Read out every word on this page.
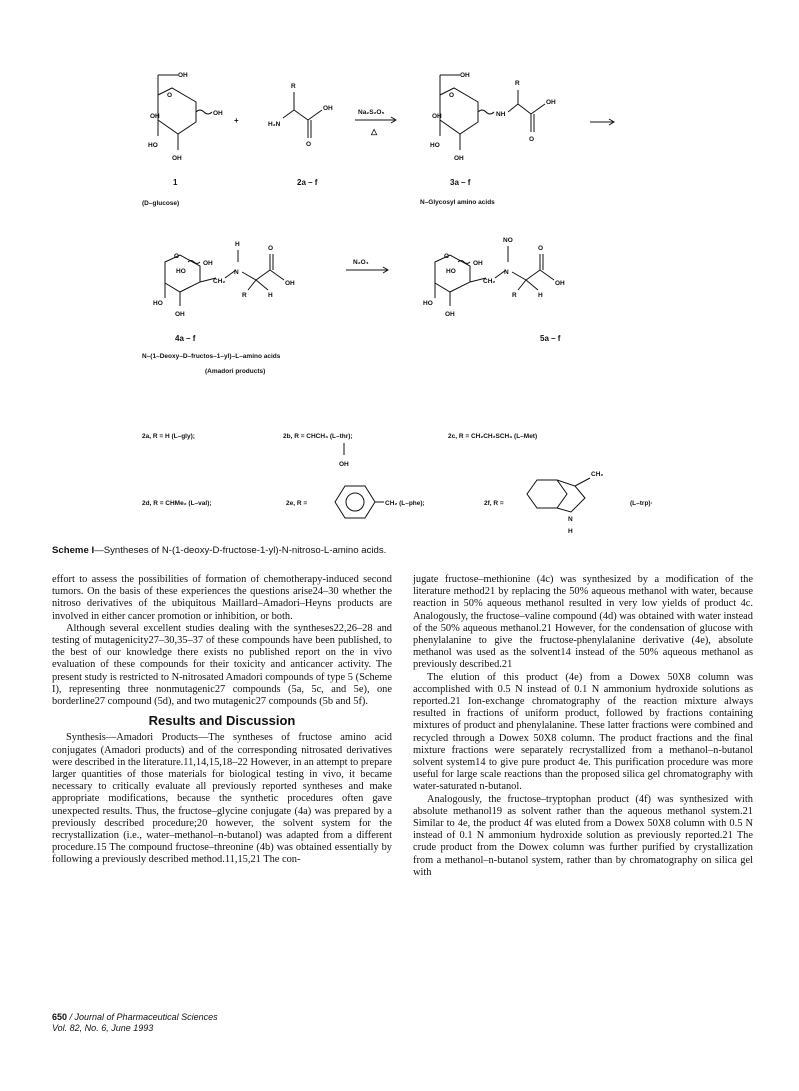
OH
O
OH	OH
HO
OH
1
(D–glucose)
+	H₂N
R
OH
O
2a – f
Na₂S₂O₅
△
OH
O
OH	NH
R
OH
O
HO
OH
3a – f
N–Glycosyl amino acids
O
HO
OH
CH₂
N
H
O
OH
R	H
HO
OH
4a – f
N–(1–Deoxy–D–fructos–1–yl)–L–amino acids
(Amadori products)
N₂O₄
O
HO
OH
CH₂
N
NO
O
OH
R	H
HO
OH
5a – f
2a, R = H (L–gly);	2b, R = CHCH₃ (L–thr);
OH
2c, R = CH₂CH₂SCH₃ (L–Met)
2d, R = CHMe₂ (L–val);	2e, R =	CH₂ (L–phe);	2f, R =
CH₂
N
H
(L–trp)·
Scheme I—Syntheses of N-(1-deoxy-D-fructose-1-yl)-N-nitroso-L-amino acids.

effort to assess the possibilities of formation of chemotherapy-induced second tumors. On the basis of these experiences the questions arise24–30 whether the nitroso derivatives of the ubiquitous Maillard–Amadori–Heyns products are involved in either cancer promotion or inhibition, or both.

Although several excellent studies dealing with the syntheses22,26–28 and testing of mutagenicity27–30,35–37 of these compounds have been published, to the best of our knowledge there exists no published report on the in vivo evaluation of these compounds for their toxicity and anticancer activity. The present study is restricted to N-nitrosated Amadori compounds of type 5 (Scheme I), representing three nonmutagenic27 compounds (5a, 5c, and 5e), one borderline27 compound (5d), and two mutagenic27 compounds (5b and 5f).

Results and Discussion

Synthesis—Amadori Products—The syntheses of fructose amino acid conjugates (Amadori products) and of the corresponding nitrosated derivatives were described in the literature.11,14,15,18–22 However, in an attempt to prepare larger quantities of those materials for biological testing in vivo, it became necessary to critically evaluate all previously reported syntheses and make appropriate modifications, because the synthetic procedures often gave unexpected results. Thus, the fructose–glycine conjugate (4a) was prepared by a previously described procedure;20 however, the solvent system for the recrystallization (i.e., water–methanol–n-butanol) was adapted from a different procedure.15 The compound fructose–threonine (4b) was obtained essentially by following a previously described method.11,15,21 The con-

jugate fructose–methionine (4c) was synthesized by a modification of the literature method21 by replacing the 50% aqueous methanol with water, because reaction in 50% aqueous methanol resulted in very low yields of product 4c. Analogously, the fructose–valine compound (4d) was obtained with water instead of the 50% aqueous methanol.21 However, for the condensation of glucose with phenylalanine to give the fructose-phenylalanine derivative (4e), absolute methanol was used as the solvent14 instead of the 50% aqueous methanol as previously described.21

The elution of this product (4e) from a Dowex 50X8 column was accomplished with 0.5 N instead of 0.1 N ammonium hydroxide solutions as reported.21 Ion-exchange chromatography of the reaction mixture always resulted in fractions of uniform product, followed by fractions containing mixtures of product and phenylalanine. These latter fractions were combined and recycled through a Dowex 50X8 column. The product fractions and the final mixture fractions were separately recrystallized from a methanol–n-butanol solvent system14 to give pure product 4e. This purification procedure was more useful for large scale reactions than the proposed silica gel chromatography with water-saturated n-butanol.

Analogously, the fructose–tryptophan product (4f) was synthesized with absolute methanol19 as solvent rather than the aqueous methanol system.21 Similar to 4e, the product 4f was eluted from a Dowex 50X8 column with 0.5 N instead of 0.1 N ammonium hydroxide solution as previously reported.21 The crude product from the Dowex column was further purified by crystallization from a methanol–n-butanol system, rather than by chromatography on silica gel with

650 / Journal of Pharmaceutical Sciences
Vol. 82, No. 6, June 1993
